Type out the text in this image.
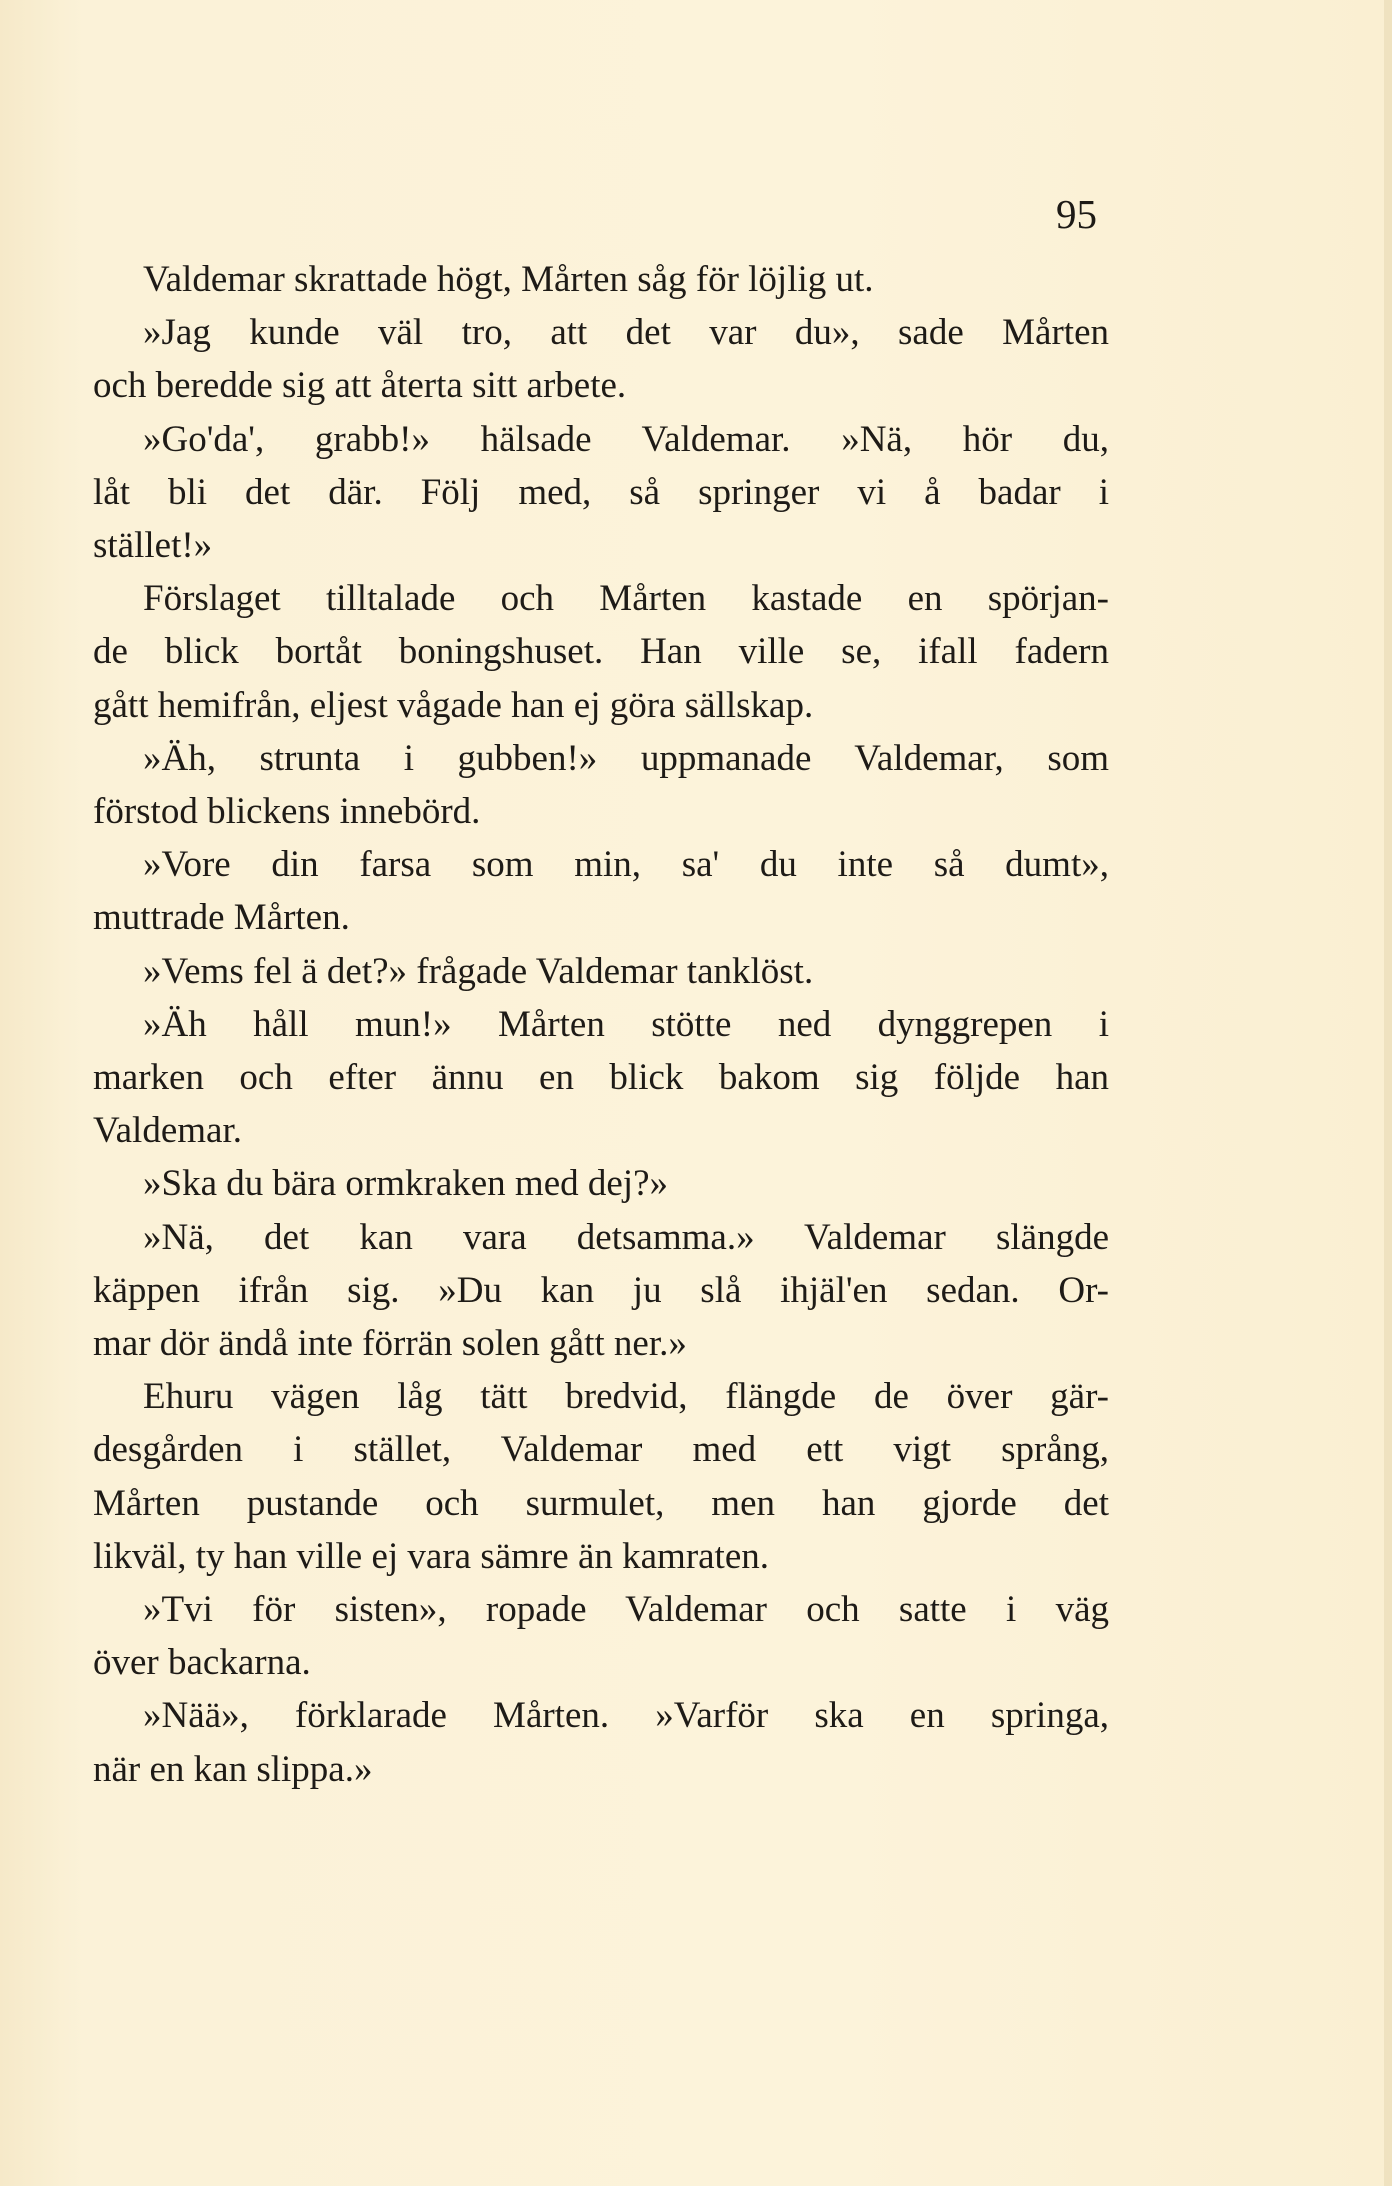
95
Valdemar skrattade högt, Mårten såg för löjlig ut.
»Jag kunde väl tro, att det var du», sade Mårten
och beredde sig att återta sitt arbete.
»Go'da', grabb!» hälsade Valdemar. »Nä, hör du,
låt bli det där. Följ med, så springer vi å badar i
stället!»
Förslaget tilltalade och Mårten kastade en spörjan-
de blick bortåt boningshuset. Han ville se, ifall fadern
gått hemifrån, eljest vågade han ej göra sällskap.
»Äh, strunta i gubben!» uppmanade Valdemar, som
förstod blickens innebörd.
»Vore din farsa som min, sa' du inte så dumt»,
muttrade Mårten.
»Vems fel ä det?» frågade Valdemar tanklöst.
»Äh håll mun!» Mårten stötte ned dynggrepen i
marken och efter ännu en blick bakom sig följde han
Valdemar.
»Ska du bära ormkraken med dej?»
»Nä, det kan vara detsamma.» Valdemar slängde
käppen ifrån sig. »Du kan ju slå ihjäl'en sedan. Or-
mar dör ändå inte förrän solen gått ner.»
Ehuru vägen låg tätt bredvid, flängde de över gär-
desgården i stället, Valdemar med ett vigt språng,
Mårten pustande och surmulet, men han gjorde det
likväl, ty han ville ej vara sämre än kamraten.
»Tvi för sisten», ropade Valdemar och satte i väg
över backarna.
»Nää», förklarade Mårten. »Varför ska en springa,
när en kan slippa.»
